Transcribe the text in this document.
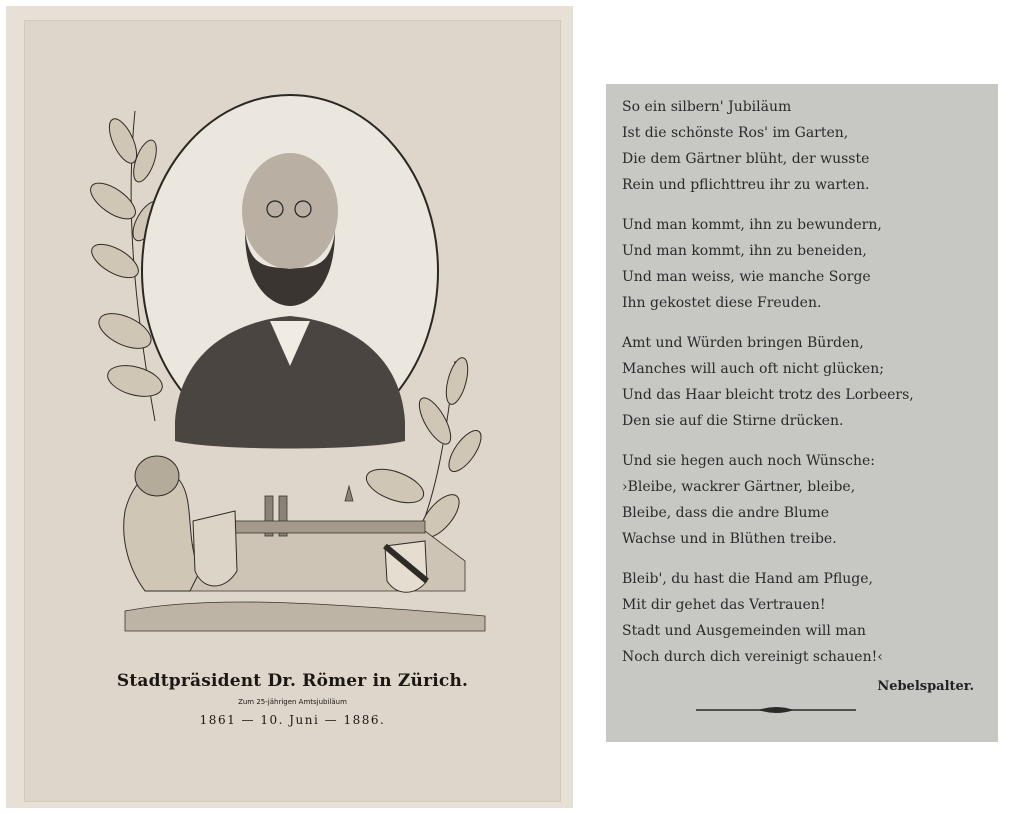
Stadtpräsident Dr. Römer in Zürich.
Zum 25-jährigen Amtsjubiläum
1861 — 10. Juni — 1886.
So ein silbern' Jubiläum
Ist die schönste Ros' im Garten,
Die dem Gärtner blüht, der wusste
Rein und pflichttreu ihr zu warten.
Und man kommt, ihn zu bewundern,
Und man kommt, ihn zu beneiden,
Und man weiss, wie manche Sorge
Ihn gekostet diese Freuden.
Amt und Würden bringen Bürden,
Manches will auch oft nicht glücken;
Und das Haar bleicht trotz des Lorbeers,
Den sie auf die Stirne drücken.
Und sie hegen auch noch Wünsche:
›Bleibe, wackrer Gärtner, bleibe,
Bleibe, dass die andre Blume
Wachse und in Blüthen treibe.
Bleib', du hast die Hand am Pfluge,
Mit dir gehet das Vertrauen!
Stadt und Ausgemeinden will man
Noch durch dich vereinigt schauen!‹
Nebelspalter.
